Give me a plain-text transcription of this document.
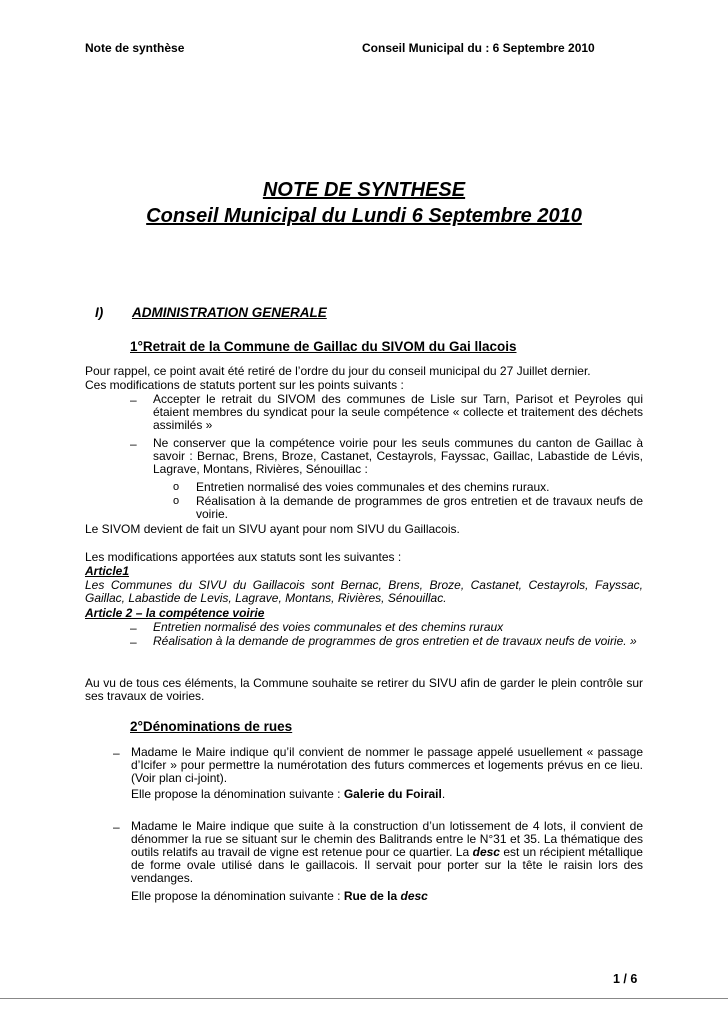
Note de synthèse	Conseil Municipal du : 6 Septembre 2010
NOTE DE SYNTHESE
Conseil Municipal du Lundi 6 Septembre 2010
I) ADMINISTRATION GENERALE
1°Retrait de la Commune de Gaillac du SIVOM du Gai llacois
Pour rappel, ce point avait été retiré de l’ordre du jour du conseil municipal du 27 Juillet dernier.
Ces modifications de statuts portent sur les points suivants :
– Accepter le retrait du SIVOM des communes de Lisle sur Tarn, Parisot et Peyroles qui étaient membres du syndicat pour la seule compétence « collecte et traitement des déchets assimilés »
– Ne conserver que la compétence voirie pour les seuls communes du canton de Gaillac à savoir : Bernac, Brens, Broze, Castanet, Cestayrols, Fayssac, Gaillac, Labastide de Lévis, Lagrave, Montans, Rivières, Sénouillac :
o Entretien normalisé des voies communales et des chemins ruraux.
o Réalisation à la demande de programmes de gros entretien et de travaux neufs de voirie.
Le SIVOM devient de fait un SIVU ayant pour nom SIVU du Gaillacois.
Les modifications apportées aux statuts sont les suivantes :
Article1
Les Communes du SIVU du Gaillacois sont Bernac, Brens, Broze, Castanet, Cestayrols, Fayssac, Gaillac, Labastide de Levis, Lagrave, Montans, Rivières, Sénouillac.
Article 2 – la compétence voirie
– Entretien normalisé des voies communales et des chemins ruraux
– Réalisation à la demande de programmes de gros entretien et de travaux neufs de voirie. »
Au vu de tous ces éléments, la Commune souhaite se retirer du SIVU afin de garder le plein contrôle sur ses travaux de voiries.
2°Dénominations de rues
– Madame le Maire indique qu’il convient de nommer le passage appelé usuellement « passage d’Icifer » pour permettre la numérotation des futurs commerces et logements prévus en ce lieu. (Voir plan ci-joint).
Elle propose la dénomination suivante : Galerie du Foirail.
– Madame le Maire indique que suite à la construction d’un lotissement de 4 lots, il convient de dénommer la rue se situant sur le chemin des Balitrands entre le N°31 et 35. La thématique des outils relatifs au travail de vigne est retenue pour ce quartier. La desc est un récipient métallique de forme ovale utilisé dans le gaillacois. Il servait pour porter sur la tête le raisin lors des vendanges.
Elle propose la dénomination suivante : Rue de la desc
1 / 6
